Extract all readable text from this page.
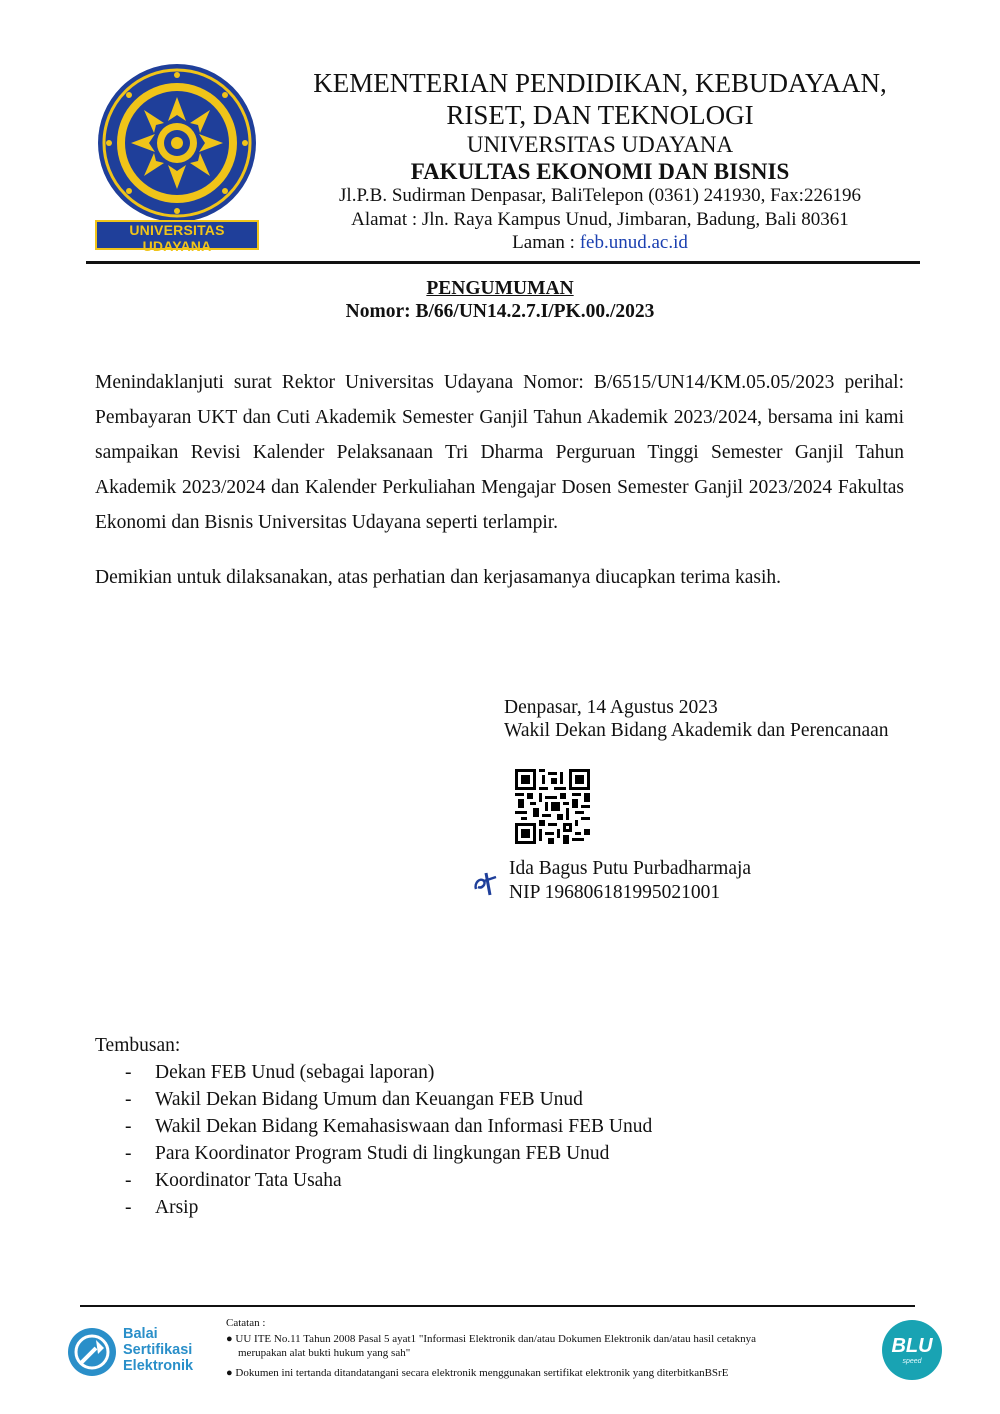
UNIVERSITAS UDAYANA
KEMENTERIAN PENDIDIKAN, KEBUDAYAAN,
RISET, DAN TEKNOLOGI
UNIVERSITAS UDAYANA
FAKULTAS EKONOMI DAN BISNIS
Jl.P.B. Sudirman Denpasar, BaliTelepon (0361) 241930, Fax:226196
Alamat : Jln. Raya Kampus Unud, Jimbaran, Badung, Bali 80361
Laman : feb.unud.ac.id
PENGUMUMAN
Nomor: B/66/UN14.2.7.I/PK.00./2023
Menindaklanjuti surat Rektor Universitas Udayana Nomor: B/6515/UN14/KM.05.05/2023 perihal: Pembayaran UKT dan Cuti Akademik Semester Ganjil Tahun Akademik 2023/2024, bersama ini kami sampaikan Revisi Kalender Pelaksanaan Tri Dharma Perguruan Tinggi Semester Ganjil Tahun Akademik 2023/2024 dan Kalender Perkuliahan Mengajar Dosen Semester Ganjil 2023/2024 Fakultas Ekonomi dan Bisnis Universitas Udayana seperti terlampir.
Demikian untuk dilaksanakan, atas perhatian dan kerjasamanya diucapkan terima kasih.
Denpasar, 14 Agustus 2023
Wakil Dekan Bidang Akademik dan Perencanaan
Ida Bagus Putu Purbadharmaja
NIP 196806181995021001
Tembusan:
- Dekan FEB Unud (sebagai laporan)
- Wakil Dekan Bidang Umum dan Keuangan FEB Unud
- Wakil Dekan Bidang Kemahasiswaan dan Informasi FEB Unud
- Para Koordinator Program Studi di lingkungan FEB Unud
- Koordinator Tata Usaha
- Arsip
Balai
Sertifikasi
Elektronik
Catatan :
● UU ITE No.11 Tahun 2008 Pasal 5 ayat1 "Informasi Elektronik dan/atau Dokumen Elektronik dan/atau hasil cetaknya
merupakan alat bukti hukum yang sah"
● Dokumen ini tertanda ditandatangani secara elektronik menggunakan sertifikat elektronik yang diterbitkanBSrE
BLU
speed
